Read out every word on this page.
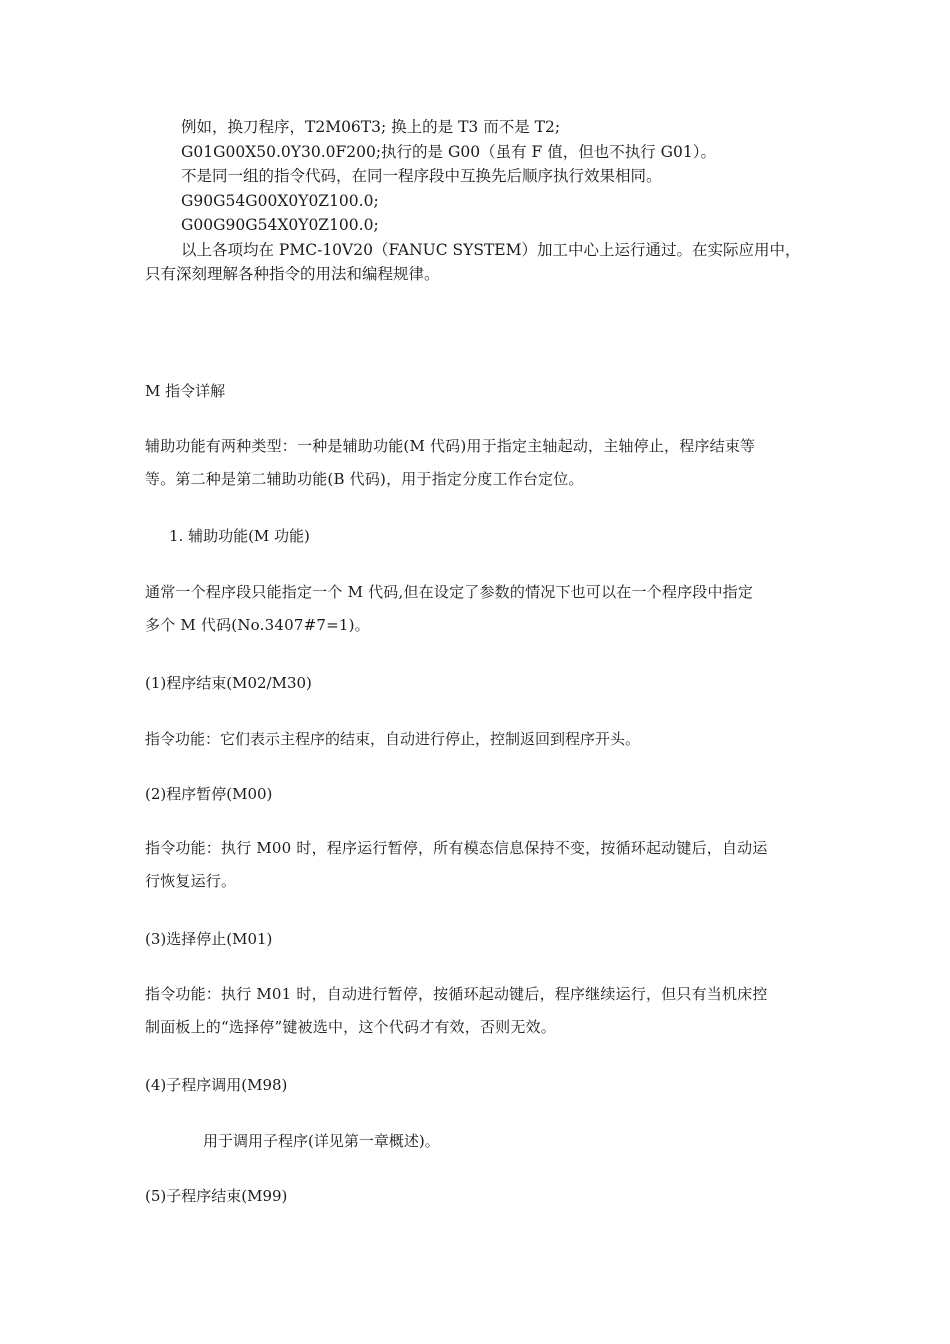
例如，换刀程序，T2M06T3; 换上的是 T3 而不是 T2;
G01G00X50.0Y30.0F200;执行的是 G00（虽有 F 值，但也不执行 G01）。
不是同一组的指令代码，在同一程序段中互换先后顺序执行效果相同。
G90G54G00X0Y0Z100.0;
G00G90G54X0Y0Z100.0;
以上各项均在 PMC-10V20（FANUC SYSTEM）加工中心上运行通过。在实际应用中，
只有深刻理解各种指令的用法和编程规律。
M 指令详解
辅助功能有两种类型：一种是辅助功能(M 代码)用于指定主轴起动，主轴停止，程序结束等
等。第二种是第二辅助功能(B 代码)，用于指定分度工作台定位。
1. 辅助功能(M 功能)
通常一个程序段只能指定一个 M 代码,但在设定了参数的情况下也可以在一个程序段中指定
多个 M 代码(No.3407#7=1)。
(1)程序结束(M02/M30)
指令功能：它们表示主程序的结束，自动进行停止，控制返回到程序开头。
(2)程序暂停(M00)
指令功能：执行 M00 时，程序运行暂停，所有模态信息保持不变，按循环起动键后，自动运
行恢复运行。
(3)选择停止(M01)
指令功能：执行 M01 时，自动进行暂停，按循环起动键后，程序继续运行，但只有当机床控
制面板上的“选择停”键被选中，这个代码才有效，否则无效。
(4)子程序调用(M98)
用于调用子程序(详见第一章概述)。
(5)子程序结束(M99)
